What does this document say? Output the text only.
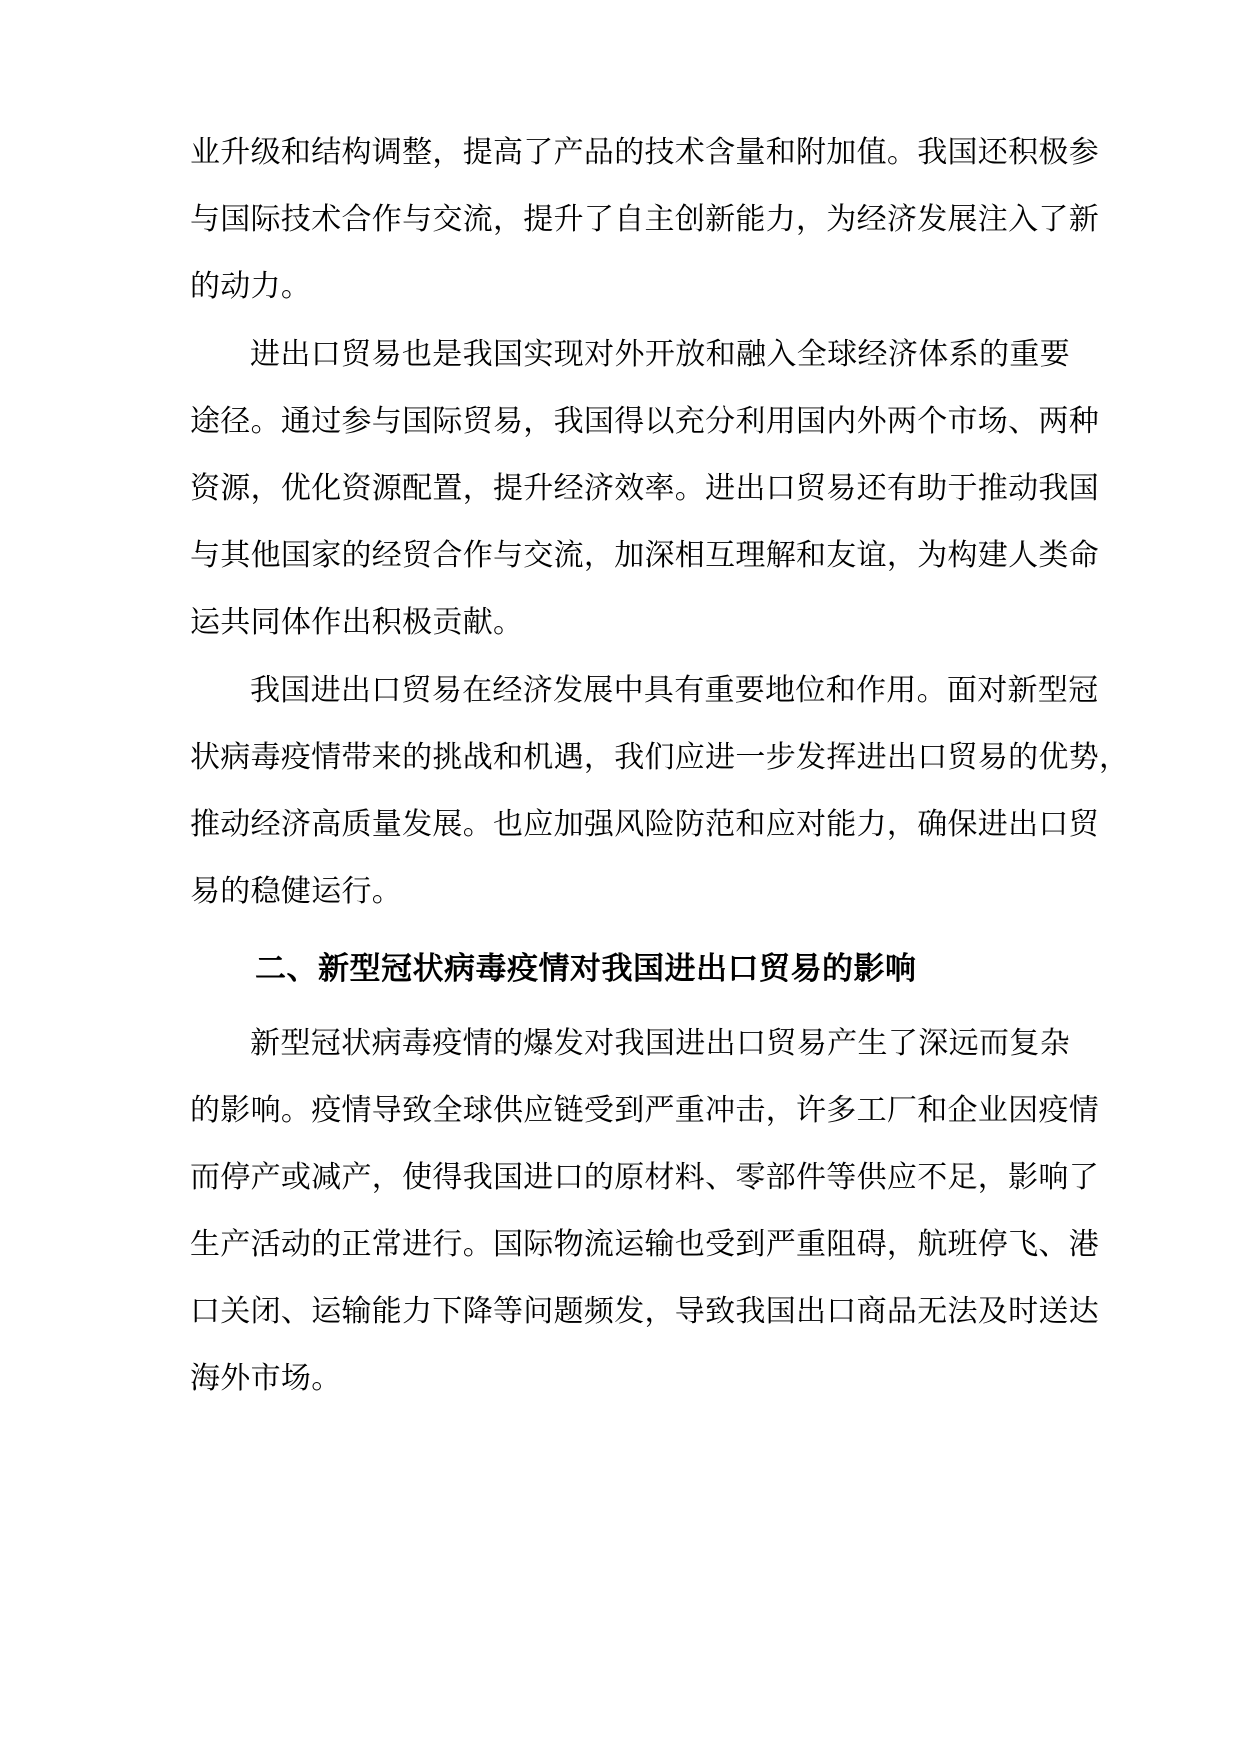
业升级和结构调整，提高了产品的技术含量和附加值。我国还积极参
与国际技术合作与交流，提升了自主创新能力，为经济发展注入了新
的动力。
进出口贸易也是我国实现对外开放和融入全球经济体系的重要
途径。通过参与国际贸易，我国得以充分利用国内外两个市场、两种
资源，优化资源配置，提升经济效率。进出口贸易还有助于推动我国
与其他国家的经贸合作与交流，加深相互理解和友谊，为构建人类命
运共同体作出积极贡献。
我国进出口贸易在经济发展中具有重要地位和作用。面对新型冠
状病毒疫情带来的挑战和机遇，我们应进一步发挥进出口贸易的优势，
推动经济高质量发展。也应加强风险防范和应对能力，确保进出口贸
易的稳健运行。
二、新型冠状病毒疫情对我国进出口贸易的影响
新型冠状病毒疫情的爆发对我国进出口贸易产生了深远而复杂
的影响。疫情导致全球供应链受到严重冲击，许多工厂和企业因疫情
而停产或减产，使得我国进口的原材料、零部件等供应不足，影响了
生产活动的正常进行。国际物流运输也受到严重阻碍，航班停飞、港
口关闭、运输能力下降等问题频发，导致我国出口商品无法及时送达
海外市场。
